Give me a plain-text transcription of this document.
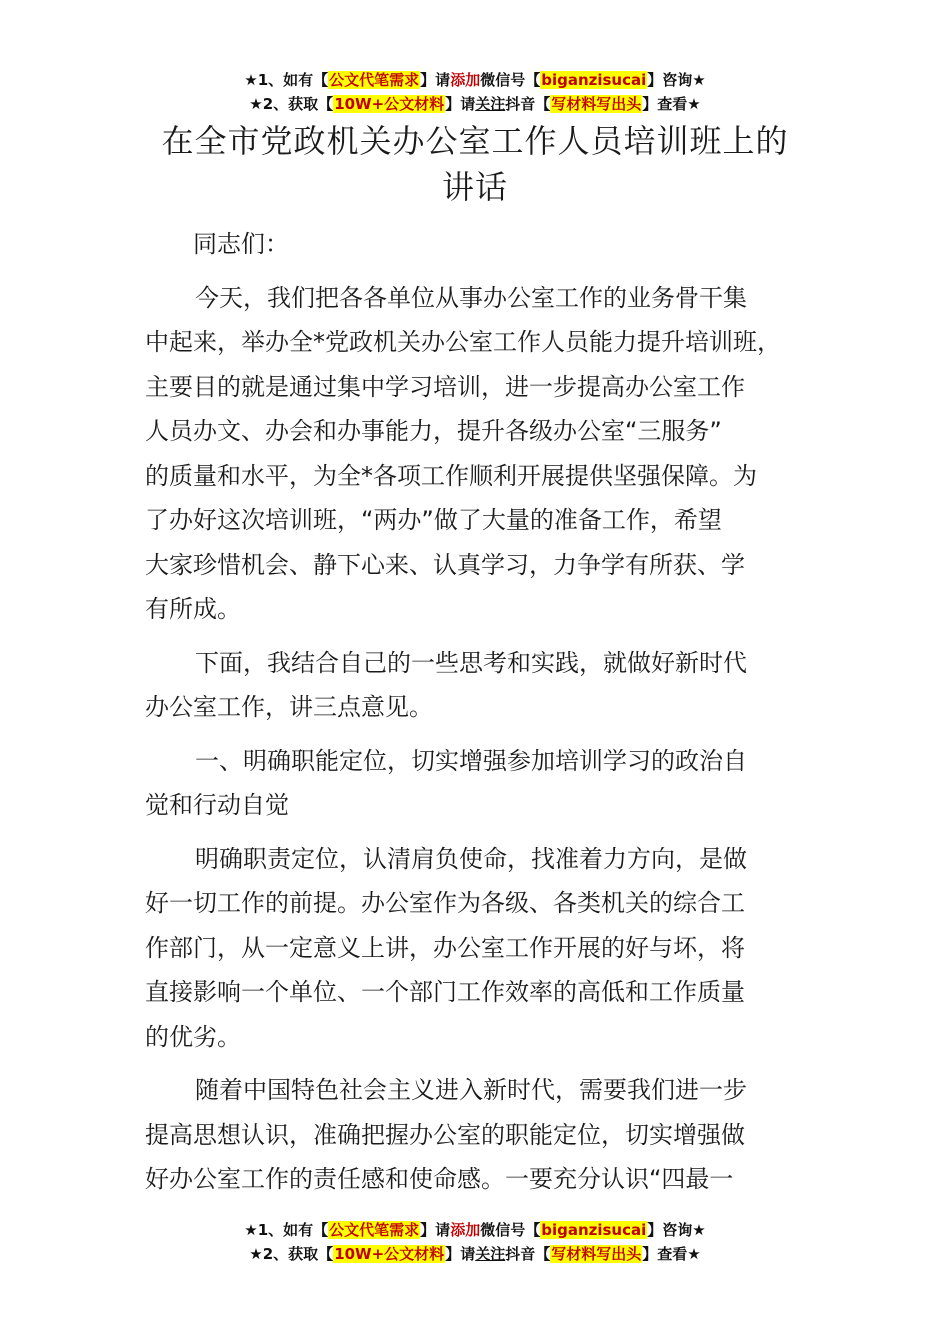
★1、如有【公文代笔需求】请添加微信号【biganzisucai】咨询★
★2、获取【10W+公文材料】请关注抖音【写材料写出头】查看★
在全市党政机关办公室工作人员培训班上的
讲话
同志们：
今天，我们把各各单位从事办公室工作的业务骨干集
中起来，举办全*党政机关办公室工作人员能力提升培训班，
主要目的就是通过集中学习培训，进一步提高办公室工作
人员办文、办会和办事能力，提升各级办公室“三服务”
的质量和水平，为全*各项工作顺利开展提供坚强保障。为
了办好这次培训班，“两办”做了大量的准备工作，希望
大家珍惜机会、静下心来、认真学习，力争学有所获、学
有所成。
下面，我结合自己的一些思考和实践，就做好新时代
办公室工作，讲三点意见。
一、明确职能定位，切实增强参加培训学习的政治自
觉和行动自觉
明确职责定位，认清肩负使命，找准着力方向，是做
好一切工作的前提。办公室作为各级、各类机关的综合工
作部门，从一定意义上讲，办公室工作开展的好与坏，将
直接影响一个单位、一个部门工作效率的高低和工作质量
的优劣。
随着中国特色社会主义进入新时代，需要我们进一步
提高思想认识，准确把握办公室的职能定位，切实增强做
好办公室工作的责任感和使命感。一要充分认识“四最一
★1、如有【公文代笔需求】请添加微信号【biganzisucai】咨询★
★2、获取【10W+公文材料】请关注抖音【写材料写出头】查看★
